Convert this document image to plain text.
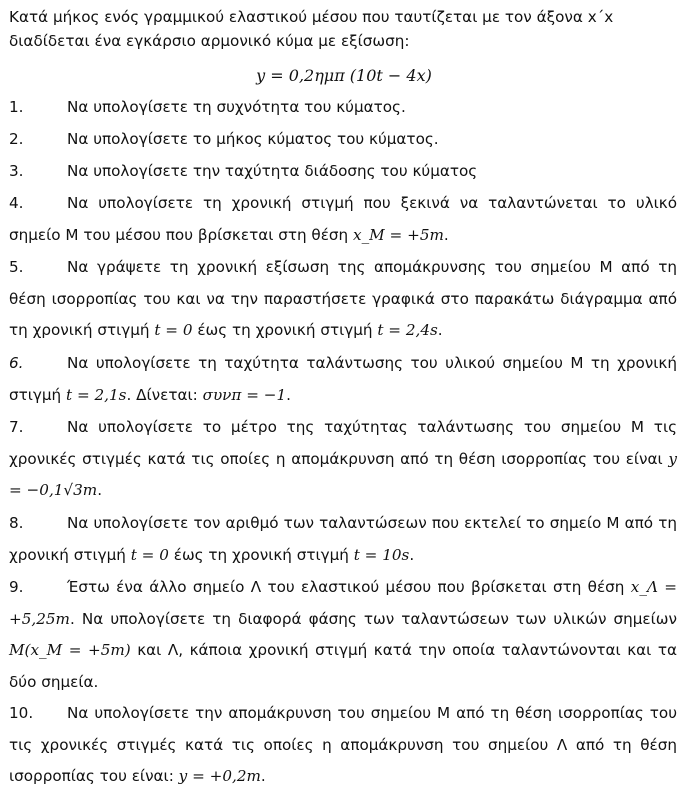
Κατά μήκος ενός γραμμικού ελαστικού μέσου που ταυτίζεται με τον άξονα x΄x
διαδίδεται ένα εγκάρσιο αρμονικό κύμα με εξίσωση:

y = 0,2ημπ (10t − 4x)
1.	Να υπολογίσετε τη συχνότητα του κύματος.
2.	Να υπολογίσετε το μήκος κύματος του κύματος.
3.	Να υπολογίσετε την ταχύτητα διάδοσης του κύματος
4.	Να υπολογίσετε τη χρονική στιγμή που ξεκινά να ταλαντώνεται το υλικό σημείο Μ του μέσου που βρίσκεται στη θέση x_M = +5m.
5.	Να γράψετε τη χρονική εξίσωση της απομάκρυνσης του σημείου Μ από τη θέση ισορροπίας του και να την παραστήσετε γραφικά στο παρακάτω διάγραμμα από τη χρονική στιγμή t = 0 έως τη χρονική στιγμή t = 2,4s.
6.	Να υπολογίσετε τη ταχύτητα ταλάντωσης του υλικού σημείου Μ τη χρονική στιγμή t = 2,1s. Δίνεται: συνπ = −1.
7.	Να υπολογίσετε το μέτρο της ταχύτητας ταλάντωσης του σημείου Μ τις χρονικές στιγμές κατά τις οποίες η απομάκρυνση από τη θέση ισορροπίας του είναι y = −0,1√3m.
8.	Να υπολογίσετε τον αριθμό των ταλαντώσεων που εκτελεί το σημείο Μ από τη χρονική στιγμή t = 0 έως τη χρονική στιγμή t = 10s.
9.	Έστω ένα άλλο σημείο Λ του ελαστικού μέσου που βρίσκεται στη θέση x_Λ = +5,25m. Να υπολογίσετε τη διαφορά φάσης των ταλαντώσεων των υλικών σημείων M(x_M = +5m) και Λ, κάποια χρονική στιγμή κατά την οποία ταλαντώνονται και τα δύο σημεία.
10. Να υπολογίσετε την απομάκρυνση του σημείου Μ από τη θέση ισορροπίας του τις χρονικές στιγμές κατά τις οποίες η απομάκρυνση του σημείου Λ από τη θέση ισορροπίας του είναι: y = +0,2m.
